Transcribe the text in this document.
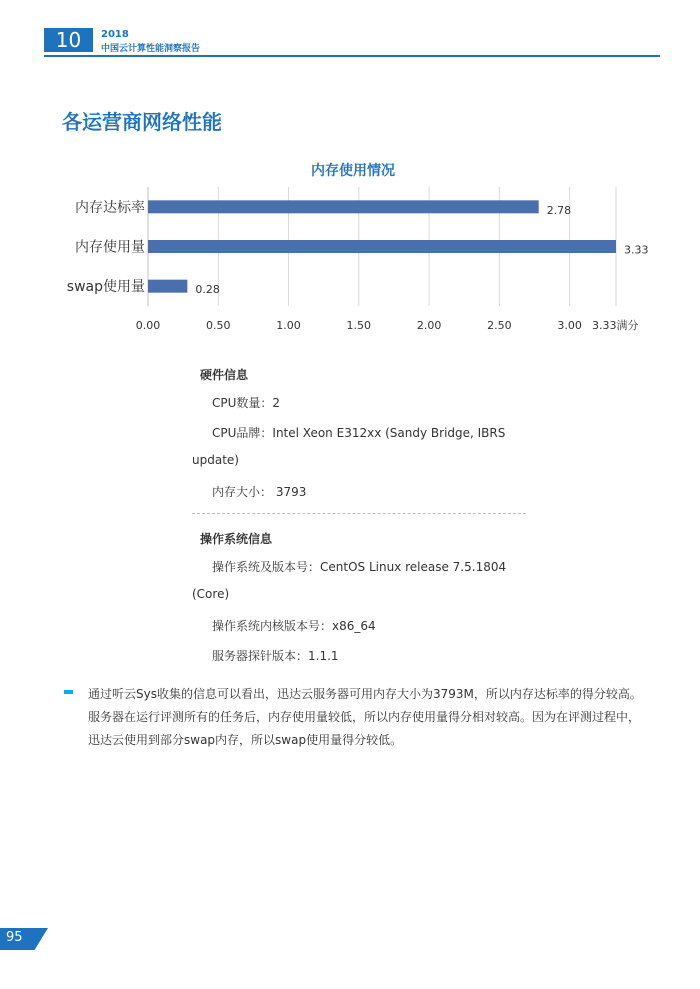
10	2018
中国云计算性能洞察报告
各运营商网络性能
内存使用情况
内存达标率	2.78
内存使用量	3.33
swap使用量	0.28
0.00	0.50	1.00	1.50	2.00	2.50	3.00 3.33满分
硬件信息
CPU数量：2
CPU品牌：Intel Xeon E312xx (Sandy Bridge, IBRS
update)
内存大小： 3793
操作系统信息
操作系统及版本号：CentOS Linux release 7.5.1804
(Core)
操作系统内核版本号：x86_64
服务器探针版本：1.1.1
通过听云Sys收集的信息可以看出，迅达云服务器可用内存大小为3793M，所以内存达标率的得分较高。服务器在运行评测所有的任务后，内存使用量较低，所以内存使用量得分相对较高。因为在评测过程中，迅达云使用到部分swap内存，所以swap使用量得分较低。
95
